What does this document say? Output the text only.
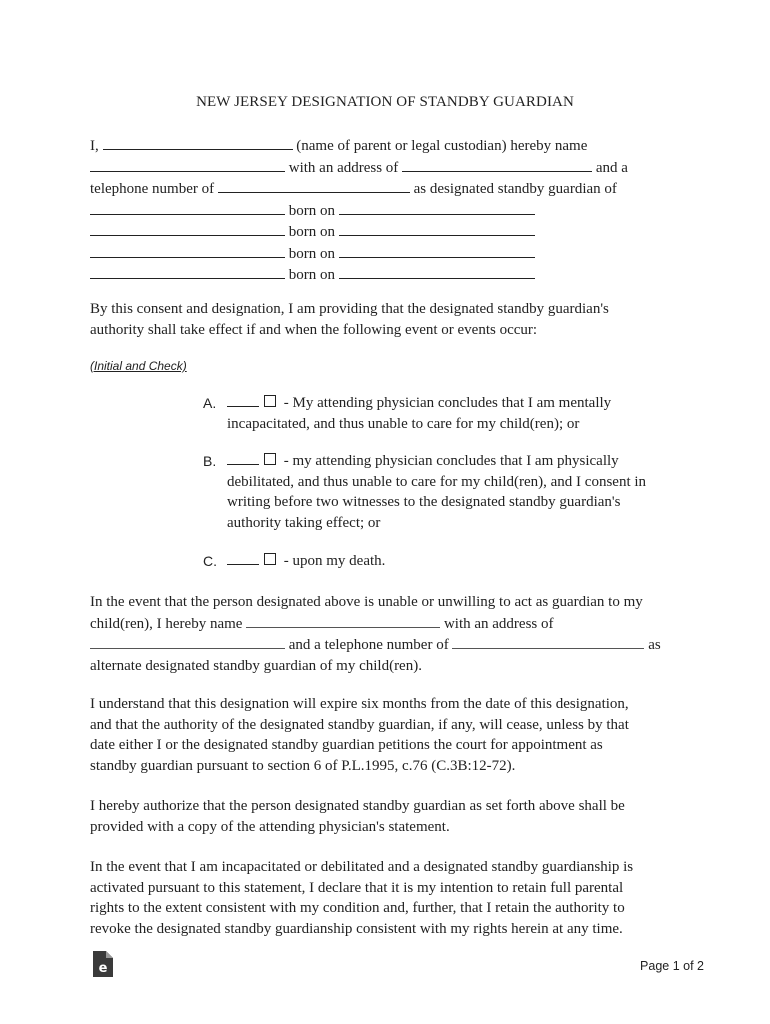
NEW JERSEY DESIGNATION OF STANDBY GUARDIAN
I,	(name of parent or legal custodian) hereby name
with an address of	and a
telephone number of	as designated standby guardian of
born on
born on
born on
born on
By this consent and designation, I am providing that the designated standby guardian's
authority shall take effect if and when the following event or events occur:
(Initial and Check)
A.	- My attending physician concludes that I am mentally
incapacitated, and thus unable to care for my child(ren); or
B.	- my attending physician concludes that I am physically
debilitated, and thus unable to care for my child(ren), and I consent in
writing before two witnesses to the designated standby guardian's
authority taking effect; or
C.	- upon my death.
In the event that the person designated above is unable or unwilling to act as guardian to my
child(ren), I hereby name	with an address of
and a telephone number of	as
alternate designated standby guardian of my child(ren).
I understand that this designation will expire six months from the date of this designation,
and that the authority of the designated standby guardian, if any, will cease, unless by that
date either I or the designated standby guardian petitions the court for appointment as
standby guardian pursuant to section 6 of P.L.1995, c.76 (C.3B:12-72).
I hereby authorize that the person designated standby guardian as set forth above shall be
provided with a copy of the attending physician's statement.
In the event that I am incapacitated or debilitated and a designated standby guardianship is
activated pursuant to this statement, I declare that it is my intention to retain full parental
rights to the extent consistent with my condition and, further, that I retain the authority to
revoke the designated standby guardianship consistent with my rights herein at any time.
e	Page 1 of 2
